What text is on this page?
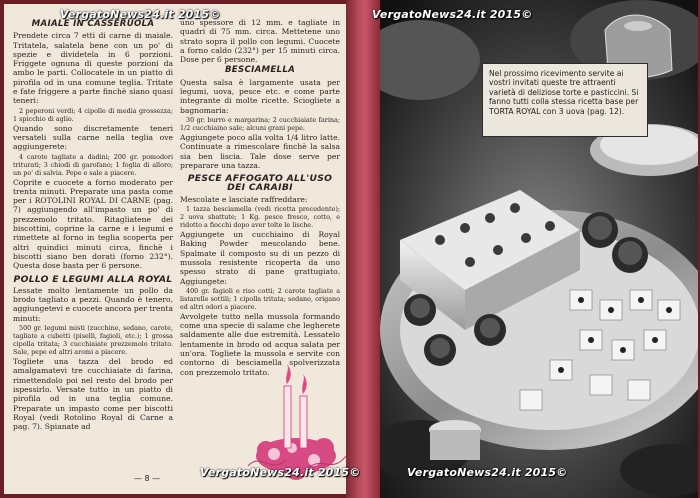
MAIALE IN CASSERUOLA

Prendete circa 7 etti di carne di maiale. Tritatela, salatela bene con un po' di spezie e dividetela in 6 porzioni. Friggete ognuna di queste porzioni da ambo le parti. Collocatele in un piatto di pirofila od in una comune teglia. Tritate e fate friggere a parte finchè siano quasi teneri:

2 peperoni verdi; 4 cipolle di media grossezza; 1 spicchio di aglio.

Quando sono discretamente teneri versateli sulla carne nella teglia ove aggiungerete:

4 carote tagliate a dadini; 200 gr. pomodori triturati; 3 chiodi di garofano; 1 foglia di alloro; un po' di salvia. Pepe e sale a piacere.

Coprite e cuocete a forno moderato per trenta minuti. Preparate una pasta come per i ROTOLINI ROYAL DI CARNE (pag. 7) aggiungendo all'impasto un po' di prezzemolo tritato. Ritagliatene dei biscottini, coprine la carne e i legumi e rimettete al forno in teglia scoperta per altri quindici minuti circa, finchè i biscotti siano ben dorati (forno 232°). Questa dose basta per 6 persone.

POLLO E LEGUMI ALLA ROYAL

Lessate molto lentamente un pollo da brodo tagliato a pezzi. Quando è tenero, aggiungetevi e cuocete ancora per trenta minuti:

500 gr. legumi misti (zucchine, sedano, carote, tagliate a cubetti (piselli, fagioli, etc.); 1 grossa cipolla tritata; 3 cucchiaiate prezzemolo tritato. Sale, pepe ed altri aromi a piacere.

Togliete una tazza del brodo ed amalgamatevi tre cucchiaiate di farina, rimettendolo poi nel resto del brodo per ispessirlo. Versate tutto in un piatto di pirofila od in una teglia comune. Preparate un impasto come per biscotti Royal (vedi Rotolino Royal di Carne a pag. 7). Spianate ad

uno spessore di 12 mm. e tagliate in quadri di 75 mm. circa. Mettetene uno strato sopra il pollo con legumi. Cuocete a forno caldo (232°) per 15 minuti circa. Dose per 6 persone.

BESCIAMELLA

Questa salsa è largamente usata per legumi, uova, pesce etc. e come parte integrante di molte ricette. Sciogliete a bagnomaria:

30 gr. burro e margarina; 2 cucchiaiate farina; 1/2 cucchiaino sale; alcuni grani pepe.

Aggiungete poco alla volta 1/4 litro latte. Continuate a rimescolare finchè la salsa sia ben liscia. Tale dose serve per preparare una tazza.

PESCE AFFOGATO ALL'USO DEI CARAIBI

Mescolate e lasciate raffreddare:

1 tazza besciamella (vedi ricetta precedente); 2 uova sbattute; 1 Kg. pesce fresco, cotto, e ridotto a fiocchi dopo aver tolte le lische.

Aggiungete un cucchiaino di Royal Baking Powder mescolando bene. Spalmate il composto su di un pezzo di mussola resistente ricoperta da uno spesso strato di pane grattugiato. Aggiungete:

400 gr. fagioli e riso cotti; 2 carote tagliate a listarelle sottili; 1 cipolla tritata; sedano, origano ed altri odori a piacere.

Avvolgete tutto nella mussola formando come una specie di salame che legherete saldamente alle due estremità. Lessatelo lentamente in brodo od acqua salata per un'ora. Togliete la mussola e servite con contorno di besciamella spolverizzata con prezzemolo tritato.

— 8 —
Nel prossimo ricevimento servite ai vostri invitati queste tre attraenti varietà di deliziose torte e pasticcini. Si fanno tutti colla stessa ricetta base per TORTA ROYAL con 3 uova (pag. 12).
VergatoNews24.it 2015©	VergatoNews24.it 2015©
VergatoNews24.it 2015©	VergatoNews24.it 2015©
